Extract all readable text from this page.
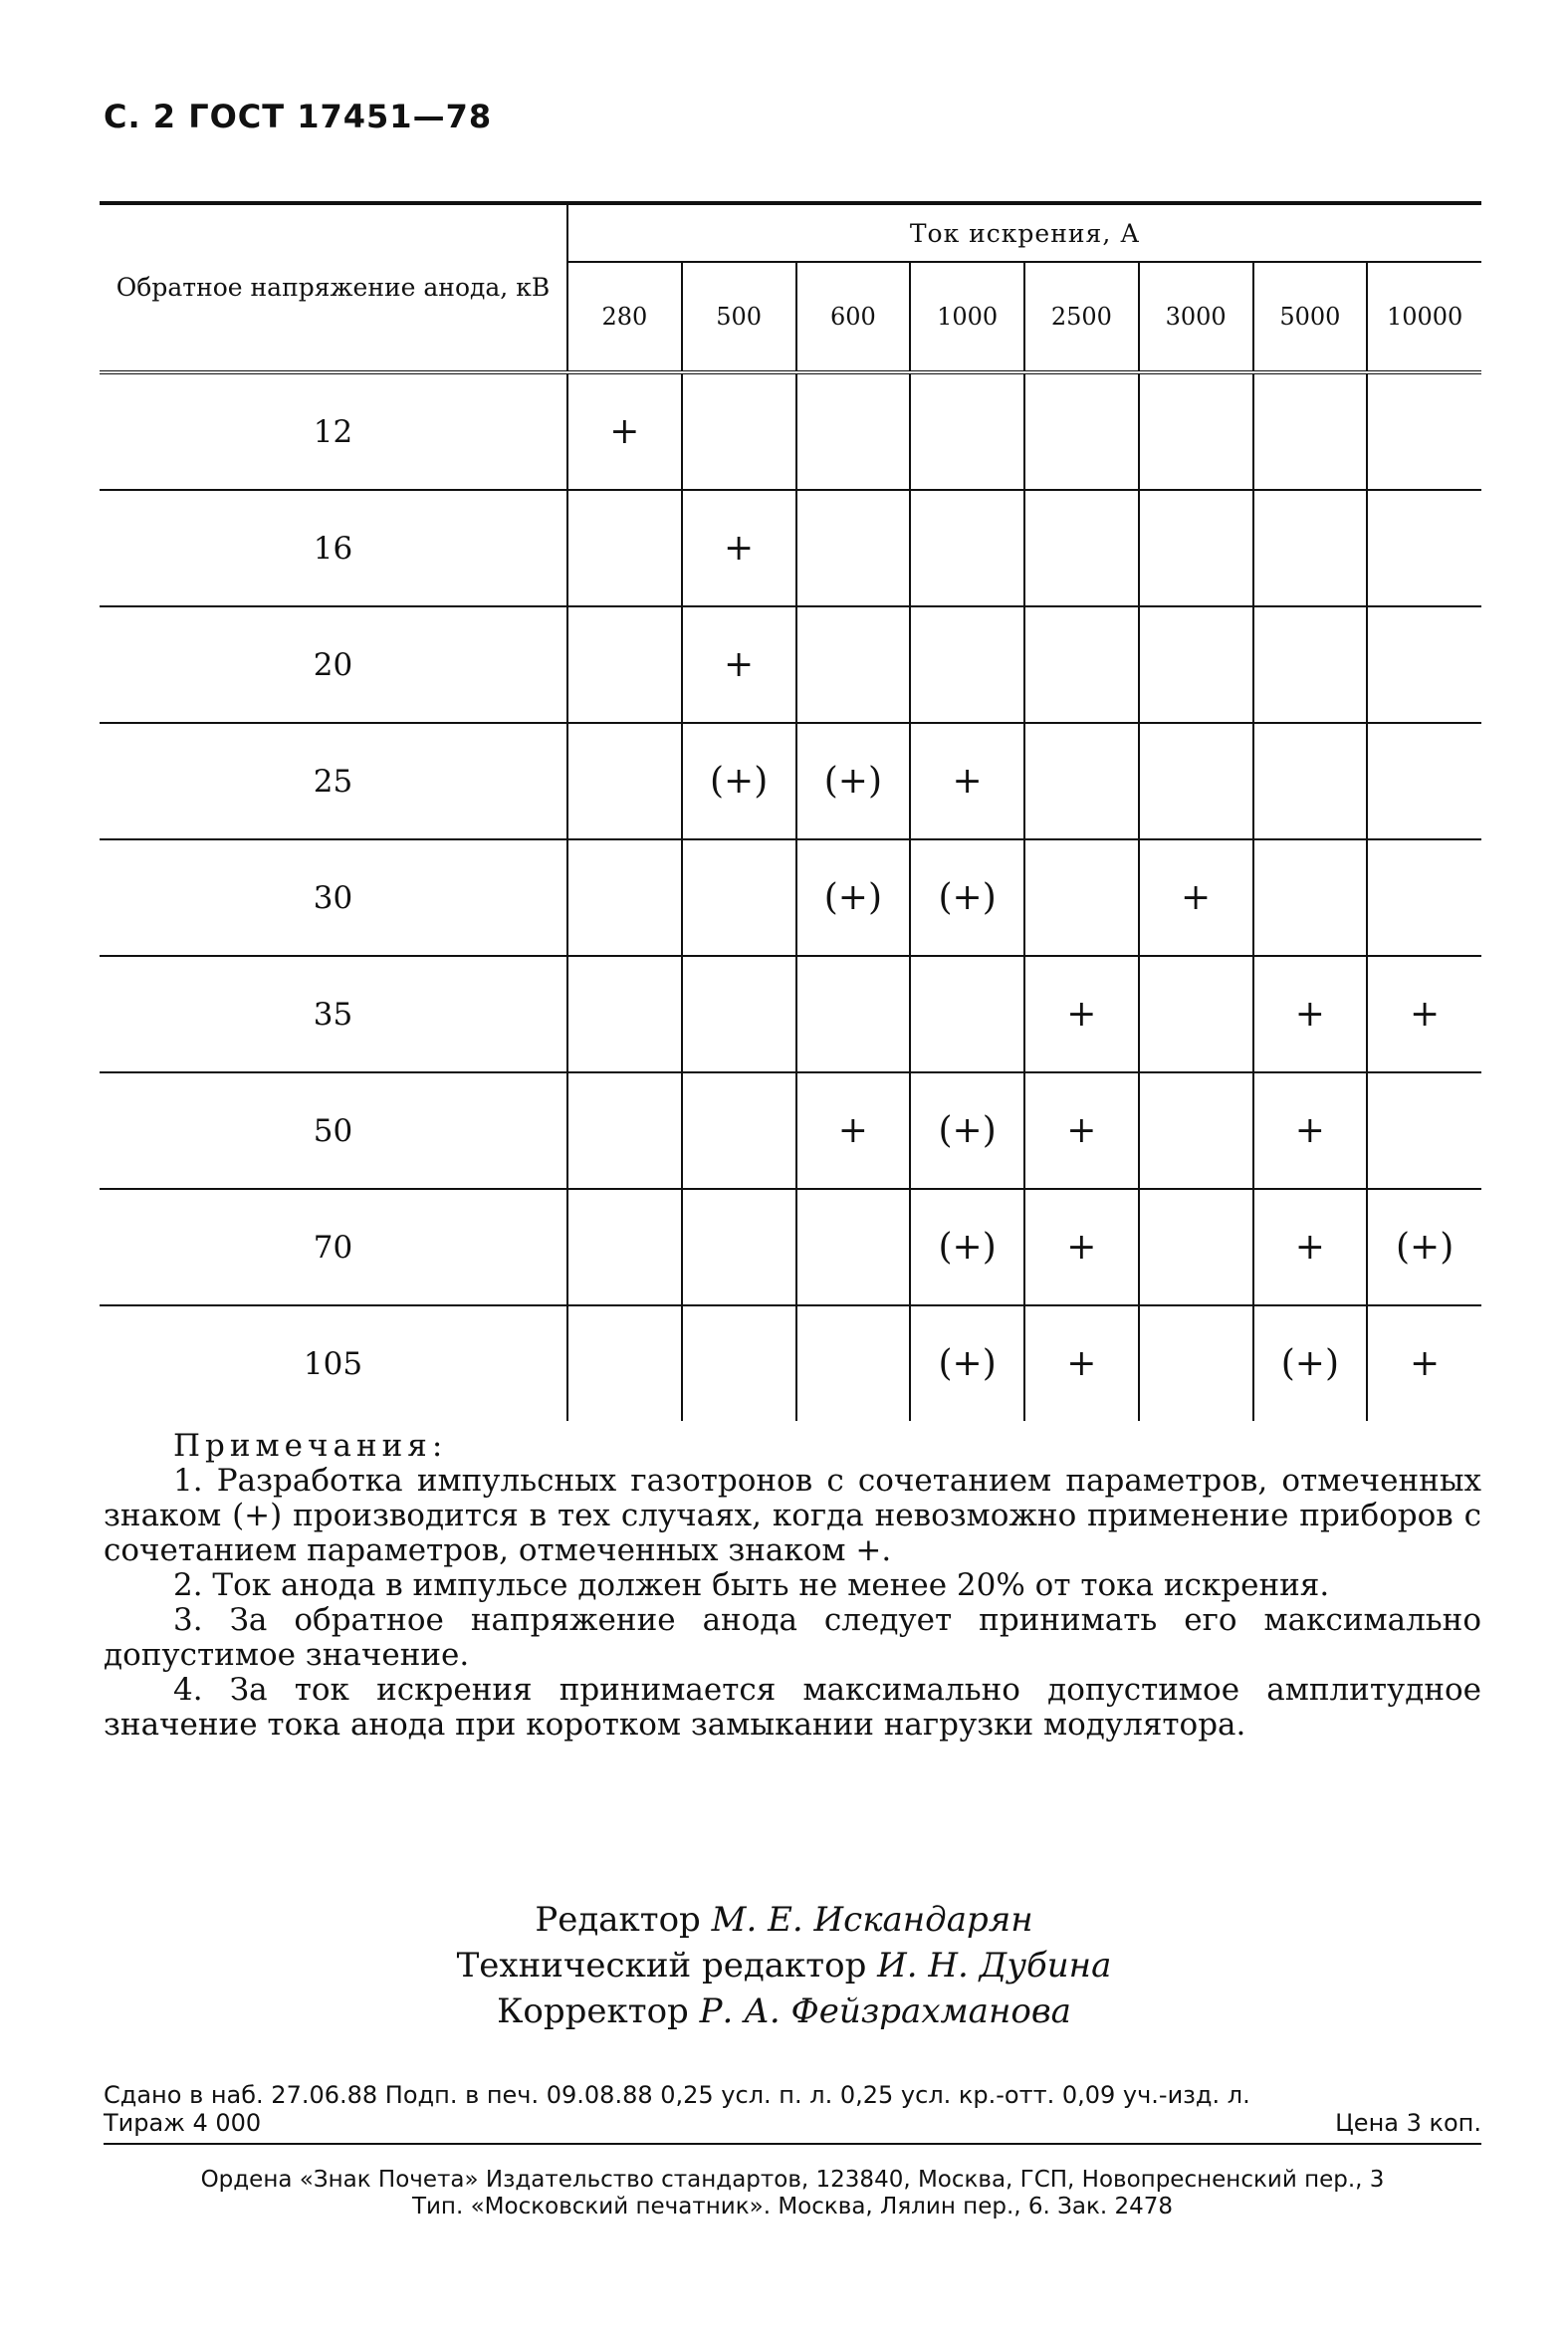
С. 2 ГОСТ 17451—78
Обратное напряжение анода, кВ	Ток искрения, А							
	280	500	600	1000	2500	3000	5000	10000
12	+							
16		+						
20		+						
25		(+)	(+)	+				
30			(+)	(+)		+		
35					+		+	+
50			+	(+)	+		+	
70				(+)	+		+	(+)
105				(+)	+		(+)	+

Примечания:

1. Разработка импульсных газотронов с сочетанием параметров, отмеченных знаком (+) производится в тех случаях, когда невозможно применение приборов с сочетанием параметров, отмеченных знаком +.

2. Ток анода в импульсе должен быть не менее 20% от тока искрения.

3. За обратное напряжение анода следует принимать его максимально допустимое значение.

4. За ток искрения принимается максимально допустимое амплитудное значение тока анода при коротком замыкании нагрузки модулятора.

Редактор М. Е. Искандарян
Технический редактор И. Н. Дубина
Корректор Р. А. Фейзрахманова
Сдано в наб. 27.06.88 Подп. в печ. 09.08.88 0,25 усл. п. л. 0,25 усл. кр.-отт. 0,09 уч.-изд. л.
Тираж 4 000	Цена 3 коп.
Ордена «Знак Почета» Издательство стандартов, 123840, Москва, ГСП, Новопресненский пер., 3
Тип. «Московский печатник». Москва, Лялин пер., 6. Зак. 2478
